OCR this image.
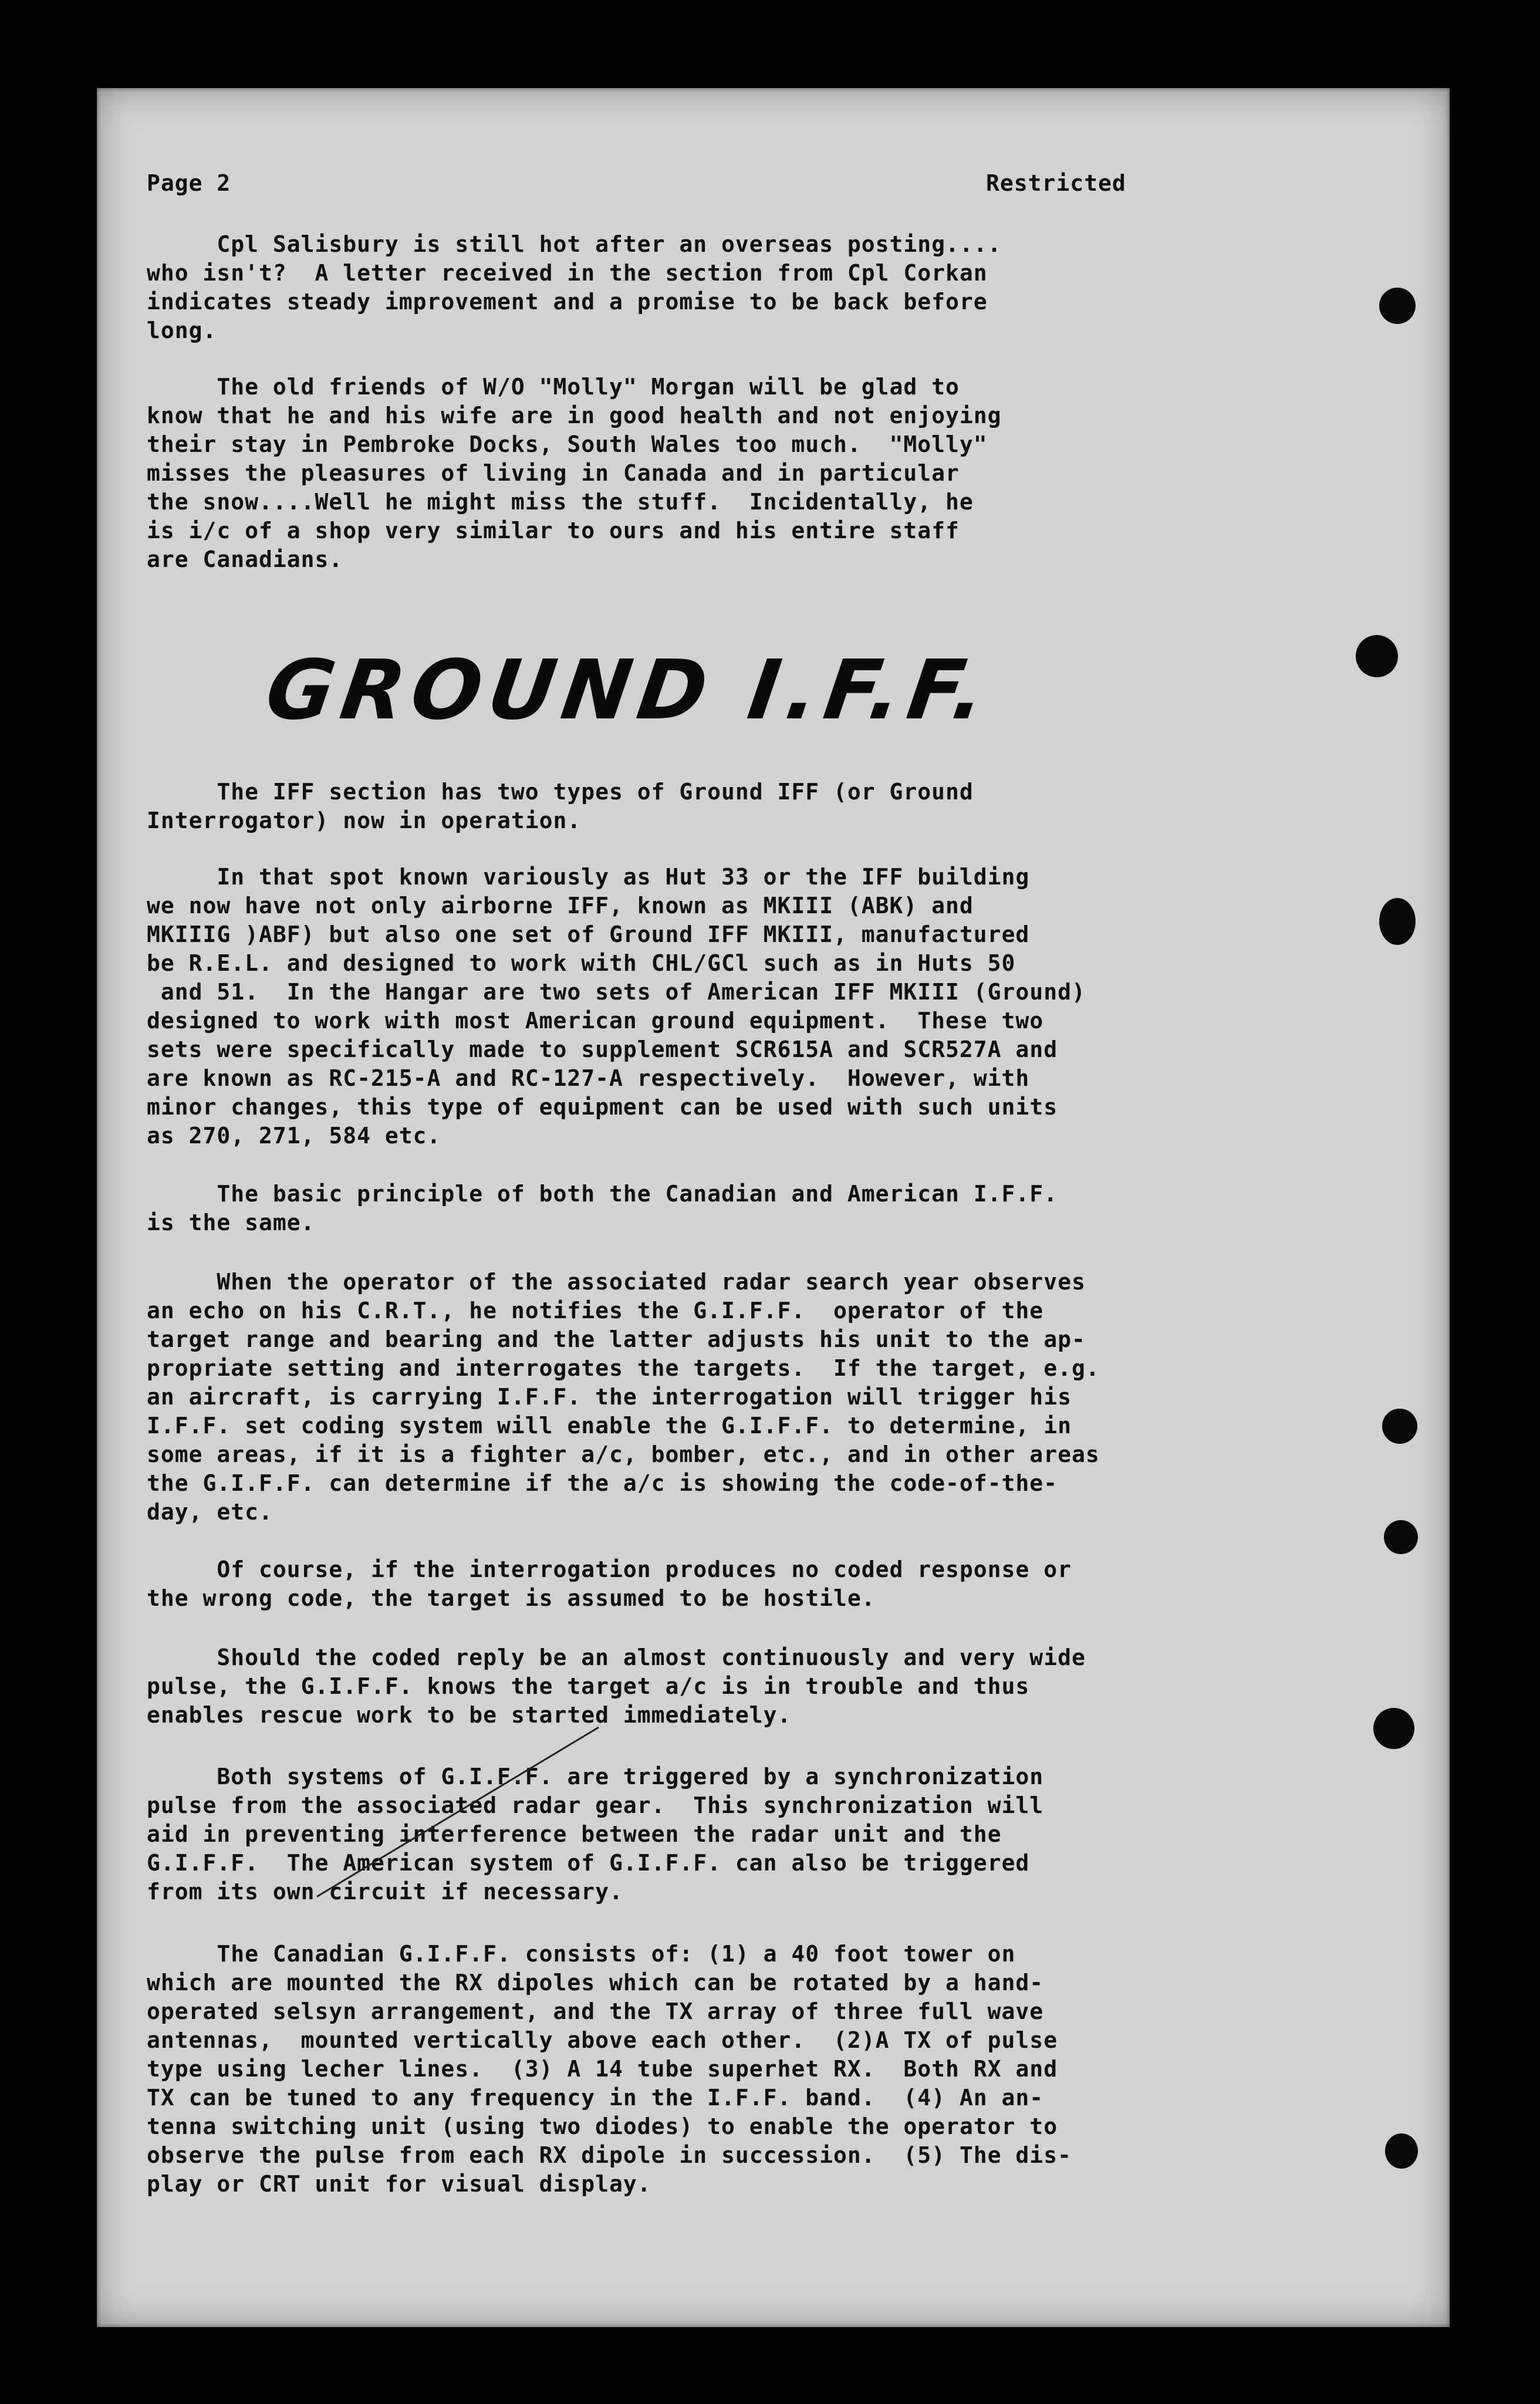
Page 2	Restricted
Cpl Salisbury is still hot after an overseas posting....
who isn't?  A letter received in the section from Cpl Corkan
indicates steady improvement and a promise to be back before
long.
The old friends of W/O "Molly" Morgan will be glad to
know that he and his wife are in good health and not enjoying
their stay in Pembroke Docks, South Wales too much.  "Molly"
misses the pleasures of living in Canada and in particular
the snow....Well he might miss the stuff.  Incidentally, he
is i/c of a shop very similar to ours and his entire staff
are Canadians.
GROUND I.F.F.
The IFF section has two types of Ground IFF (or Ground
Interrogator) now in operation.
In that spot known variously as Hut 33 or the IFF building
we now have not only airborne IFF, known as MKIII (ABK) and
MKIIIG )ABF) but also one set of Ground IFF MKIII, manufactured
be R.E.L. and designed to work with CHL/GCl such as in Huts 50
and 51.  In the Hangar are two sets of American IFF MKIII (Ground)
designed to work with most American ground equipment.  These two
sets were specifically made to supplement SCR615A and SCR527A and
are known as RC-215-A and RC-127-A respectively.  However, with
minor changes, this type of equipment can be used with such units
as 270, 271, 584 etc.
The basic principle of both the Canadian and American I.F.F.
is the same.
When the operator of the associated radar search year observes
an echo on his C.R.T., he notifies the G.I.F.F.  operator of the
target range and bearing and the latter adjusts his unit to the ap-
propriate setting and interrogates the targets.  If the target, e.g.
an aircraft, is carrying I.F.F. the interrogation will trigger his
I.F.F. set coding system will enable the G.I.F.F. to determine, in
some areas, if it is a fighter a/c, bomber, etc., and in other areas
the G.I.F.F. can determine if the a/c is showing the code-of-the-
day, etc.
Of course, if the interrogation produces no coded response or
the wrong code, the target is assumed to be hostile.
Should the coded reply be an almost continuously and very wide
pulse, the G.I.F.F. knows the target a/c is in trouble and thus
enables rescue work to be started immediately.
Both systems of G.I.F.F. are triggered by a synchronization
pulse from the associated radar gear.  This synchronization will
aid in preventing interference between the radar unit and the
G.I.F.F.  The American system of G.I.F.F. can also be triggered
from its own circuit if necessary.
The Canadian G.I.F.F. consists of: (1) a 40 foot tower on
which are mounted the RX dipoles which can be rotated by a hand-
operated selsyn arrangement, and the TX array of three full wave
antennas,  mounted vertically above each other.  (2)A TX of pulse
type using lecher lines.  (3) A 14 tube superhet RX.  Both RX and
TX can be tuned to any frequency in the I.F.F. band.  (4) An an-
tenna switching unit (using two diodes) to enable the operator to
observe the pulse from each RX dipole in succession.  (5) The dis-
play or CRT unit for visual display.
